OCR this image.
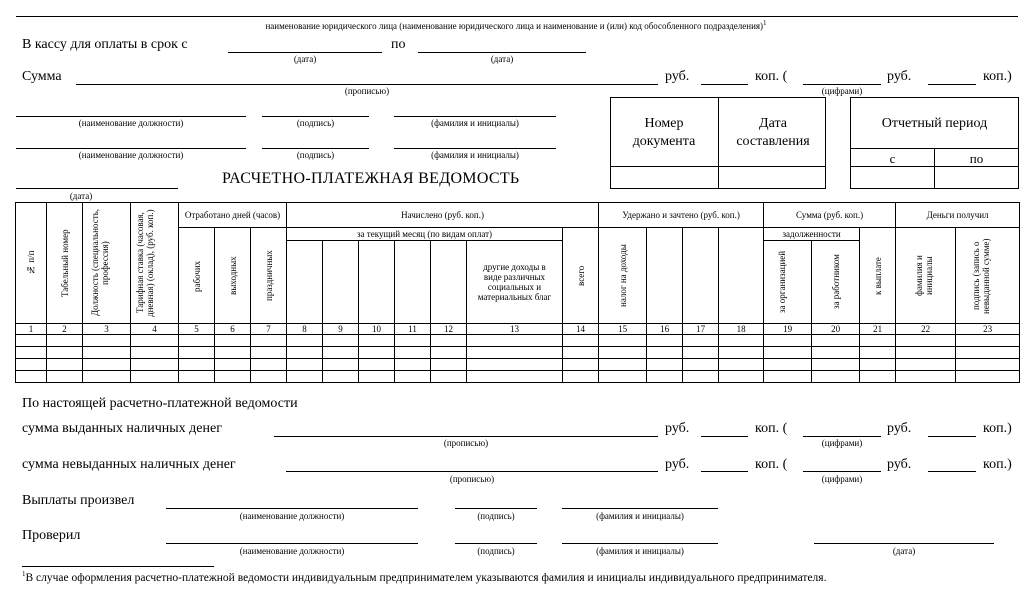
наименование юридического лица (наименование юридического лица и наименование и (или) код обособленного подразделения)$^1$
В кассу для оплаты в срок с
(дата)
по
(дата)
Сумма
(прописью)
руб.	коп. (
(цифрами)
руб.	коп.)
(наименование должности)	(подпись)	(фамилия и инициалы)
(наименование должности)	(подпись)	(фамилия и инициалы)
(дата)
Номер документа
Дата составления
Отчетный период
с	по
РАСЧЕТНО-ПЛАТЕЖНАЯ ВЕДОМОСТЬ
№ п/п	Табельный номер	Должность (специальность, профессия)	Тарифная ставка (часовая, дневная) (оклад), (руб. коп.)	Отработано дней (часов)			Начислено (руб. коп.)							Удержано и зачтено (руб. коп.)				Сумма (руб. коп.)			Деньги получил	

				рабочих	выходных	праздничных	за текущий месяц (по видам оплат)						всего	налог на доходы				задолженности		к выплате	фамилия и инициалы	подпись (запись о невыданной сумме)

												другие доходы в виде различных социальных и материальных благ						за организацией	за работником			

1	2	3	4	5	6	7	8	9	10	11	12	13	14	15	16	17	18	19	20	21	22	23

По настоящей расчетно-платежной ведомости
сумма выданных наличных денег
(прописью)
руб.	коп. (
(цифрами)
руб.	коп.)
сумма невыданных наличных денег
(прописью)
руб.	коп. (
(цифрами)
руб.	коп.)
Выплаты произвел
(наименование должности)	(подпись)	(фамилия и инициалы)
Проверил
(наименование должности)	(подпись)	(фамилия и инициалы)	(дата)
$^1$В случае оформления расчетно-платежной ведомости индивидуальным предпринимателем указываются фамилия и инициалы индивидуального предпринимателя.
